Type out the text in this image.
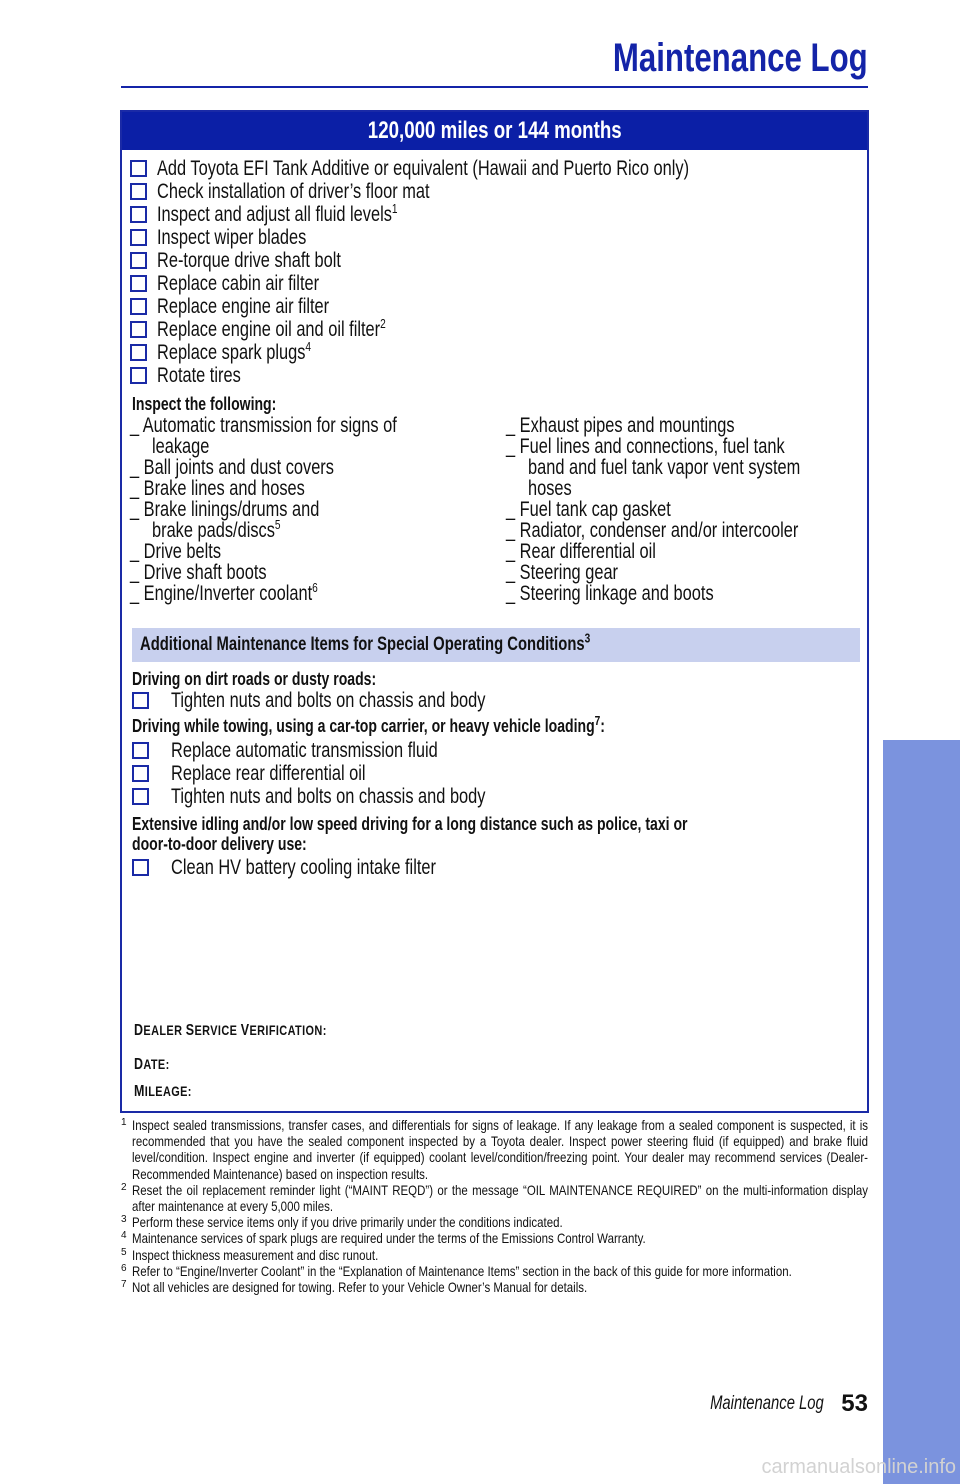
Maintenance Log
120,000 miles or 144 months
Add Toyota EFI Tank Additive or equivalent (Hawaii and Puerto Rico only)
Check installation of driver’s floor mat
Inspect and adjust all fluid levels$^1$
Inspect wiper blades
Re-torque drive shaft bolt
Replace cabin air filter
Replace engine air filter
Replace engine oil and oil filter$^2$
Replace spark plugs$^4$
Rotate tires
Inspect the following:
_ Automatic transmission for signs of
leakage
_ Ball joints and dust covers
_ Brake lines and hoses
_ Brake linings/drums and
brake pads/discs$^5$
_ Drive belts
_ Drive shaft boots
_ Engine/Inverter coolant$^6$
_ Exhaust pipes and mountings
_ Fuel lines and connections, fuel tank
band and fuel tank vapor vent system
hoses
_ Fuel tank cap gasket
_ Radiator, condenser and/or intercooler
_ Rear differential oil
_ Steering gear
_ Steering linkage and boots
Additional Maintenance Items for Special Operating Conditions$^3$
Driving on dirt roads or dusty roads:
Tighten nuts and bolts on chassis and body
Driving while towing, using a car-top carrier, or heavy vehicle loading$^7$:
Replace automatic transmission fluid
Replace rear differential oil
Tighten nuts and bolts on chassis and body
Extensive idling and/or low speed driving for a long distance such as police, taxi or
door-to-door delivery use:
Clean HV battery cooling intake filter
DEALER SERVICE VERIFICATION:
DATE:
MILEAGE:
1 Inspect sealed transmissions, transfer cases, and differentials for signs of leakage. If any leakage from a sealed component is suspected, it is recommended that you have the sealed component inspected by a Toyota dealer. Inspect power steering fluid (if equipped) and brake fluid level/condition. Inspect engine and inverter (if equipped) coolant level/condition/freezing point. Your dealer may recommend services (Dealer-Recommended Maintenance) based on inspection results.
2 Reset the oil replacement reminder light (“MAINT REQD”) or the message “OIL MAINTENANCE REQUIRED” on the multi-information display after maintenance at every 5,000 miles.
3 Perform these service items only if you drive primarily under the conditions indicated.
4 Maintenance services of spark plugs are required under the terms of the Emissions Control Warranty.
5 Inspect thickness measurement and disc runout.
6 Refer to “Engine/Inverter Coolant” in the “Explanation of Maintenance Items” section in the back of this guide for more information.
7 Not all vehicles are designed for towing. Refer to your Vehicle Owner’s Manual for details.
Maintenance Log 53
MAINTENANCE
carmanualsonline.info
